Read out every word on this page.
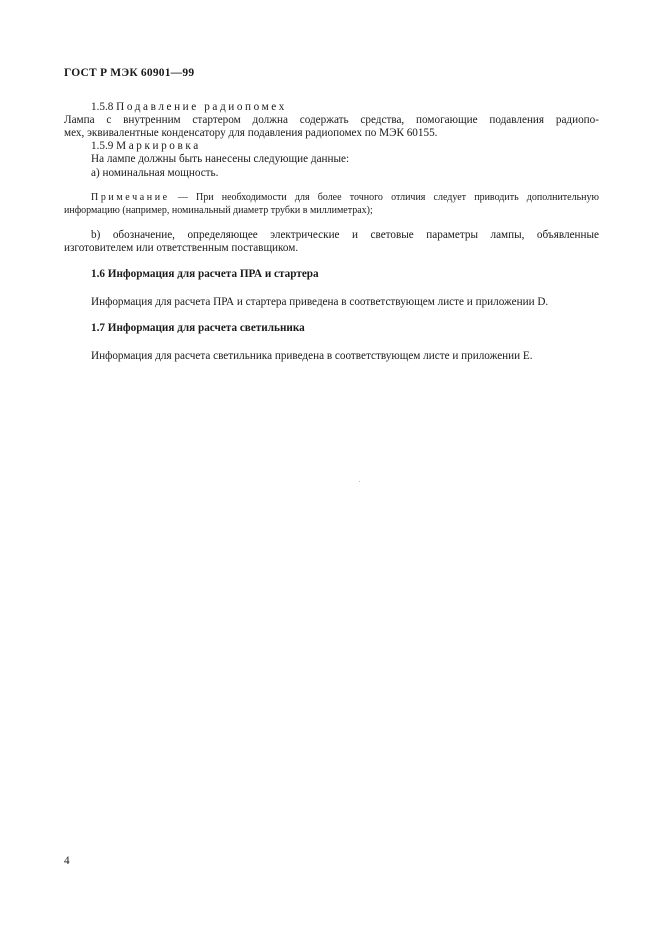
ГОСТ Р МЭК 60901—99
1.5.8 Подавление радиопомех
Лампа с внутренним стартером должна содержать средства, помогающие подавления радиопо-
мех, эквивалентные конденсатору для подавления радиопомех по МЭК 60155.
1.5.9 Маркировка
На лампе должны быть нанесены следующие данные:
а) номинальная мощность.
Примечание — При необходимости для более точного отличия следует приводить дополнительную
информацию (например, номинальный диаметр трубки в миллиметрах);
b) обозначение, определяющее электрические и световые параметры лампы, объявленные
изготовителем или ответственным поставщиком.
1.6 Информация для расчета ПРА и стартера
Информация для расчета ПРА и стартера приведена в соответствующем листе и приложении D.
1.7 Информация для расчета светильника
Информация для расчета светильника приведена в соответствующем листе и приложении Е.
4
